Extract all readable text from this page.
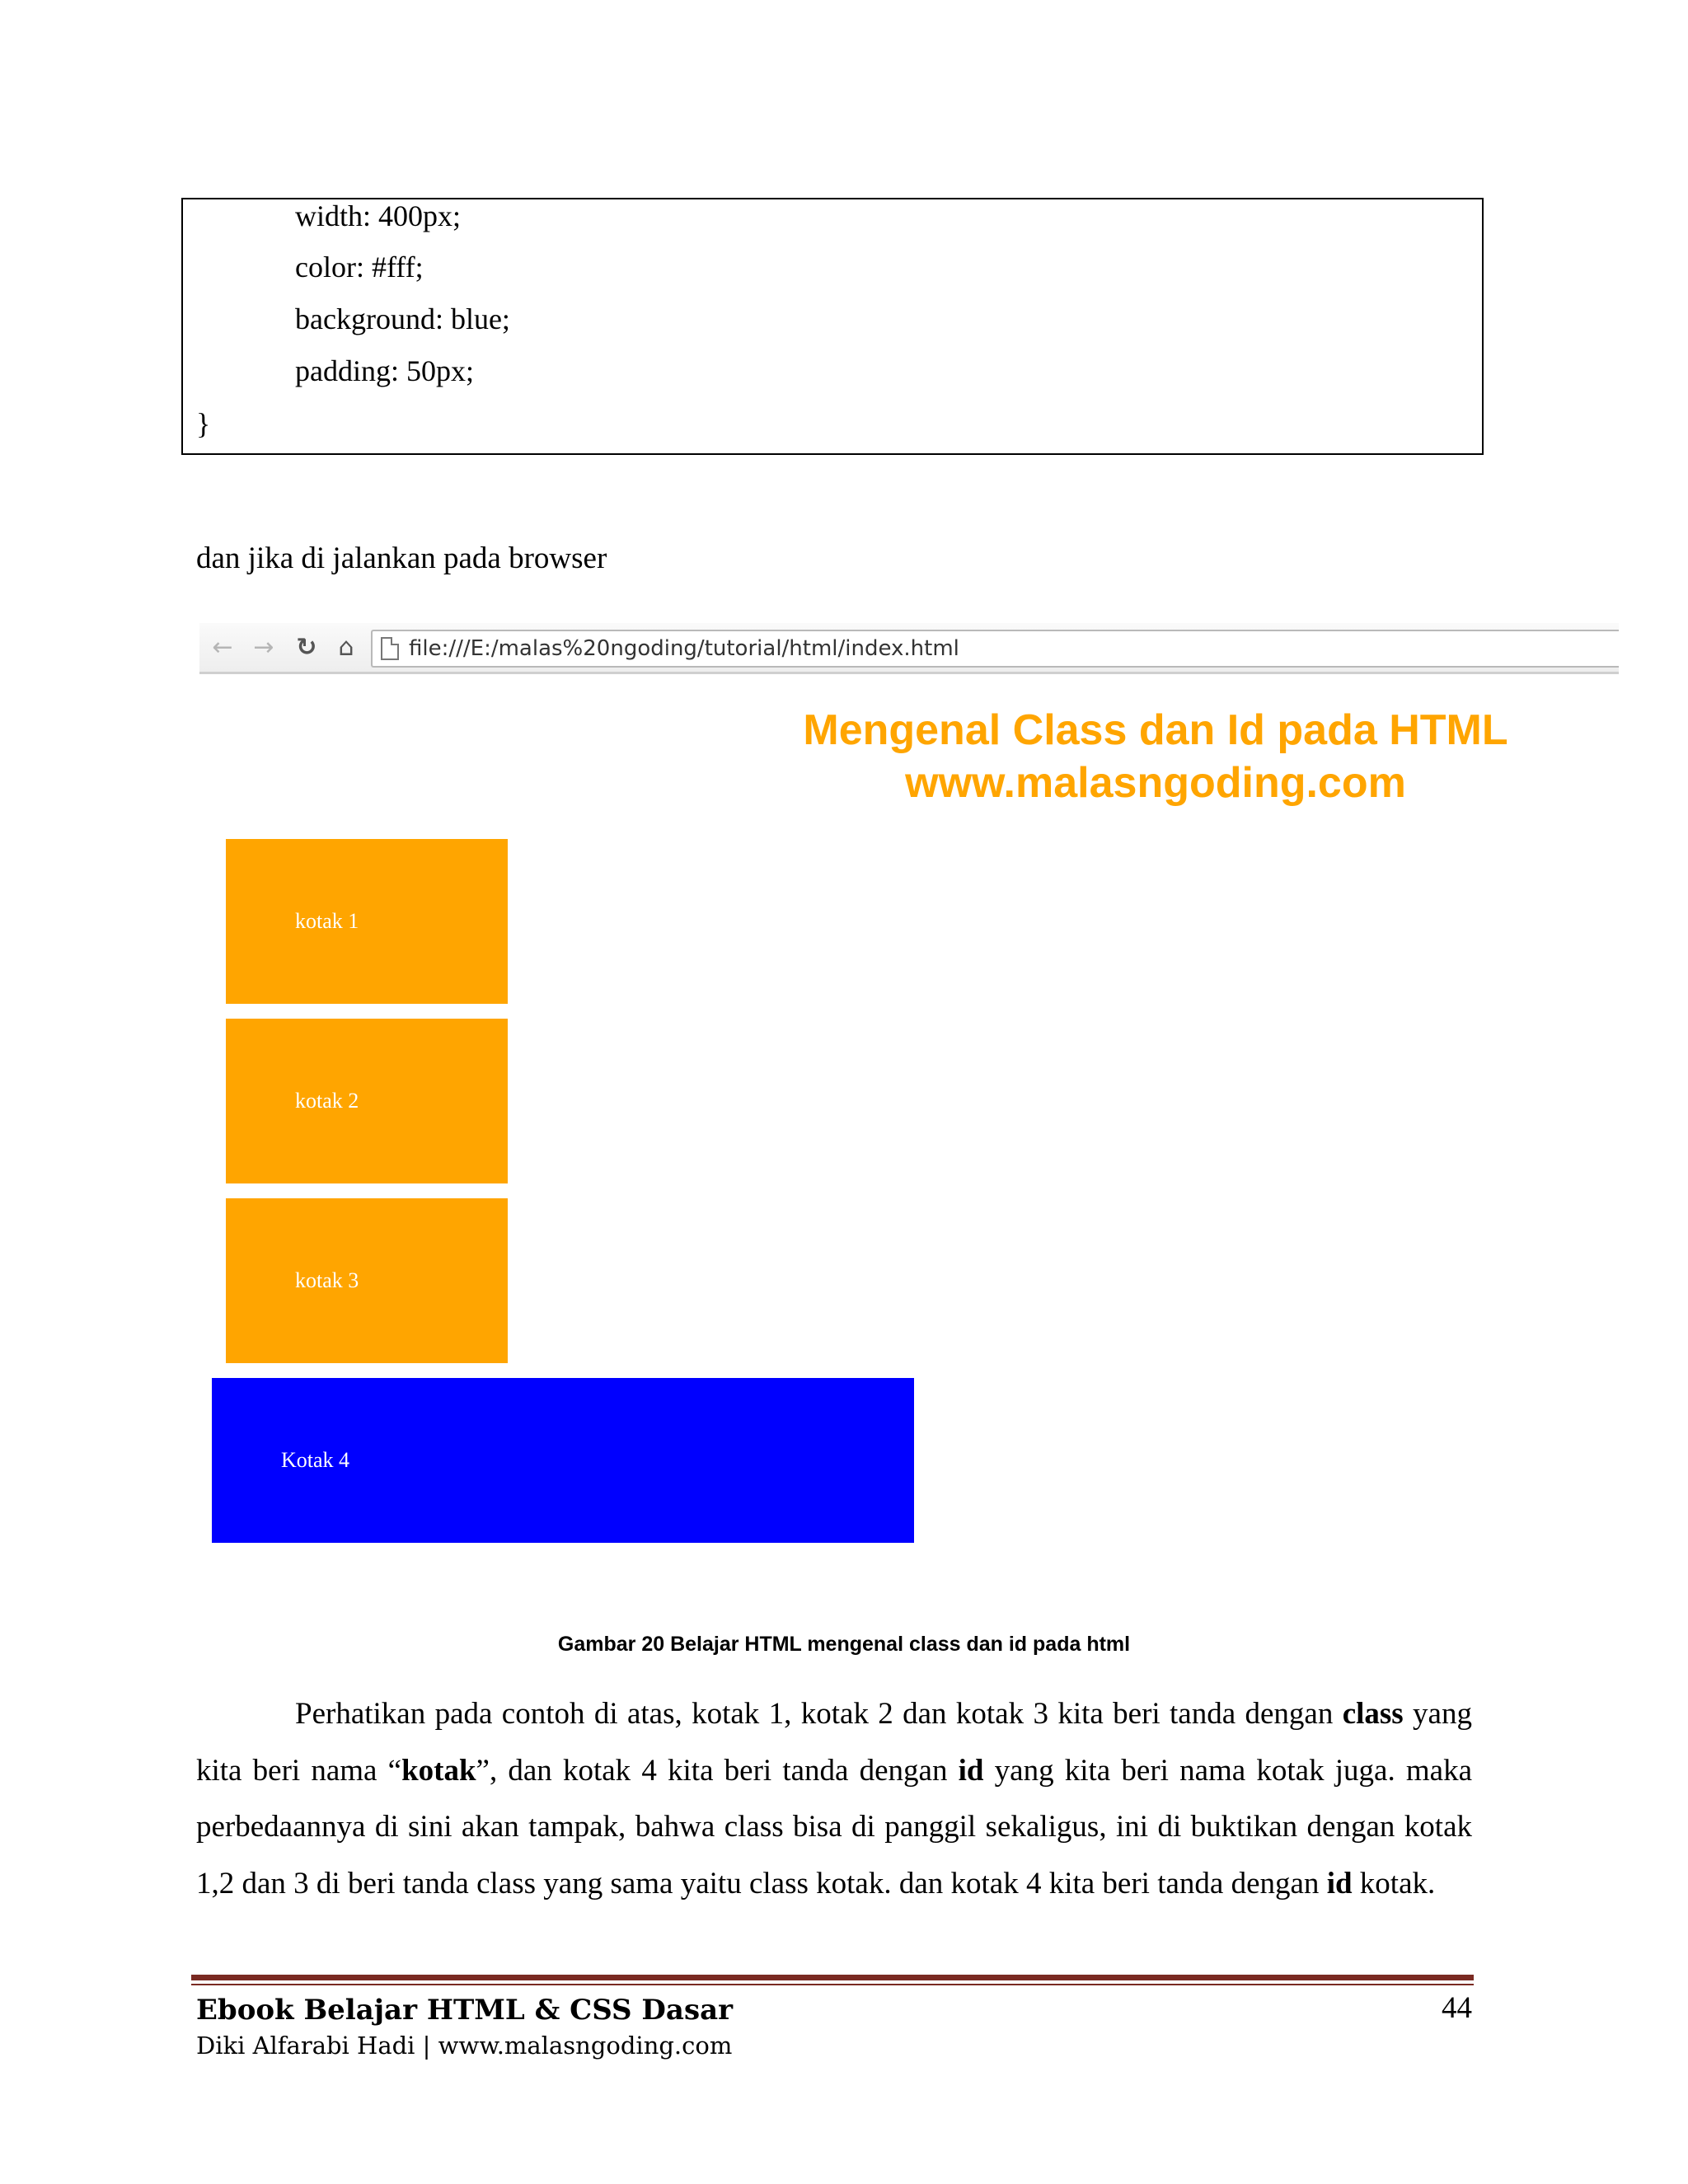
width: 400px;
color: #fff;
background: blue;
padding: 50px;
}
dan jika di jalankan pada browser
← → ↻ ⌂	file:///E:/malas%20ngoding/tutorial/html/index.html
Mengenal Class dan Id pada HTML
www.malasngoding.com
kotak 1
kotak 2
kotak 3
Kotak 4
Gambar 20 Belajar HTML mengenal class dan id pada html

Perhatikan pada contoh di atas, kotak 1, kotak 2 dan kotak 3 kita beri tanda dengan class yang kita beri nama “kotak”, dan kotak 4 kita beri tanda dengan id yang kita beri nama kotak juga. maka perbedaannya di sini akan tampak, bahwa class bisa di panggil sekaligus, ini di buktikan dengan kotak 1,2 dan 3 di beri tanda class yang sama yaitu class kotak. dan kotak 4 kita beri tanda dengan id kotak.

Ebook Belajar HTML & CSS Dasar	44
Diki Alfarabi Hadi | www.malasngoding.com
